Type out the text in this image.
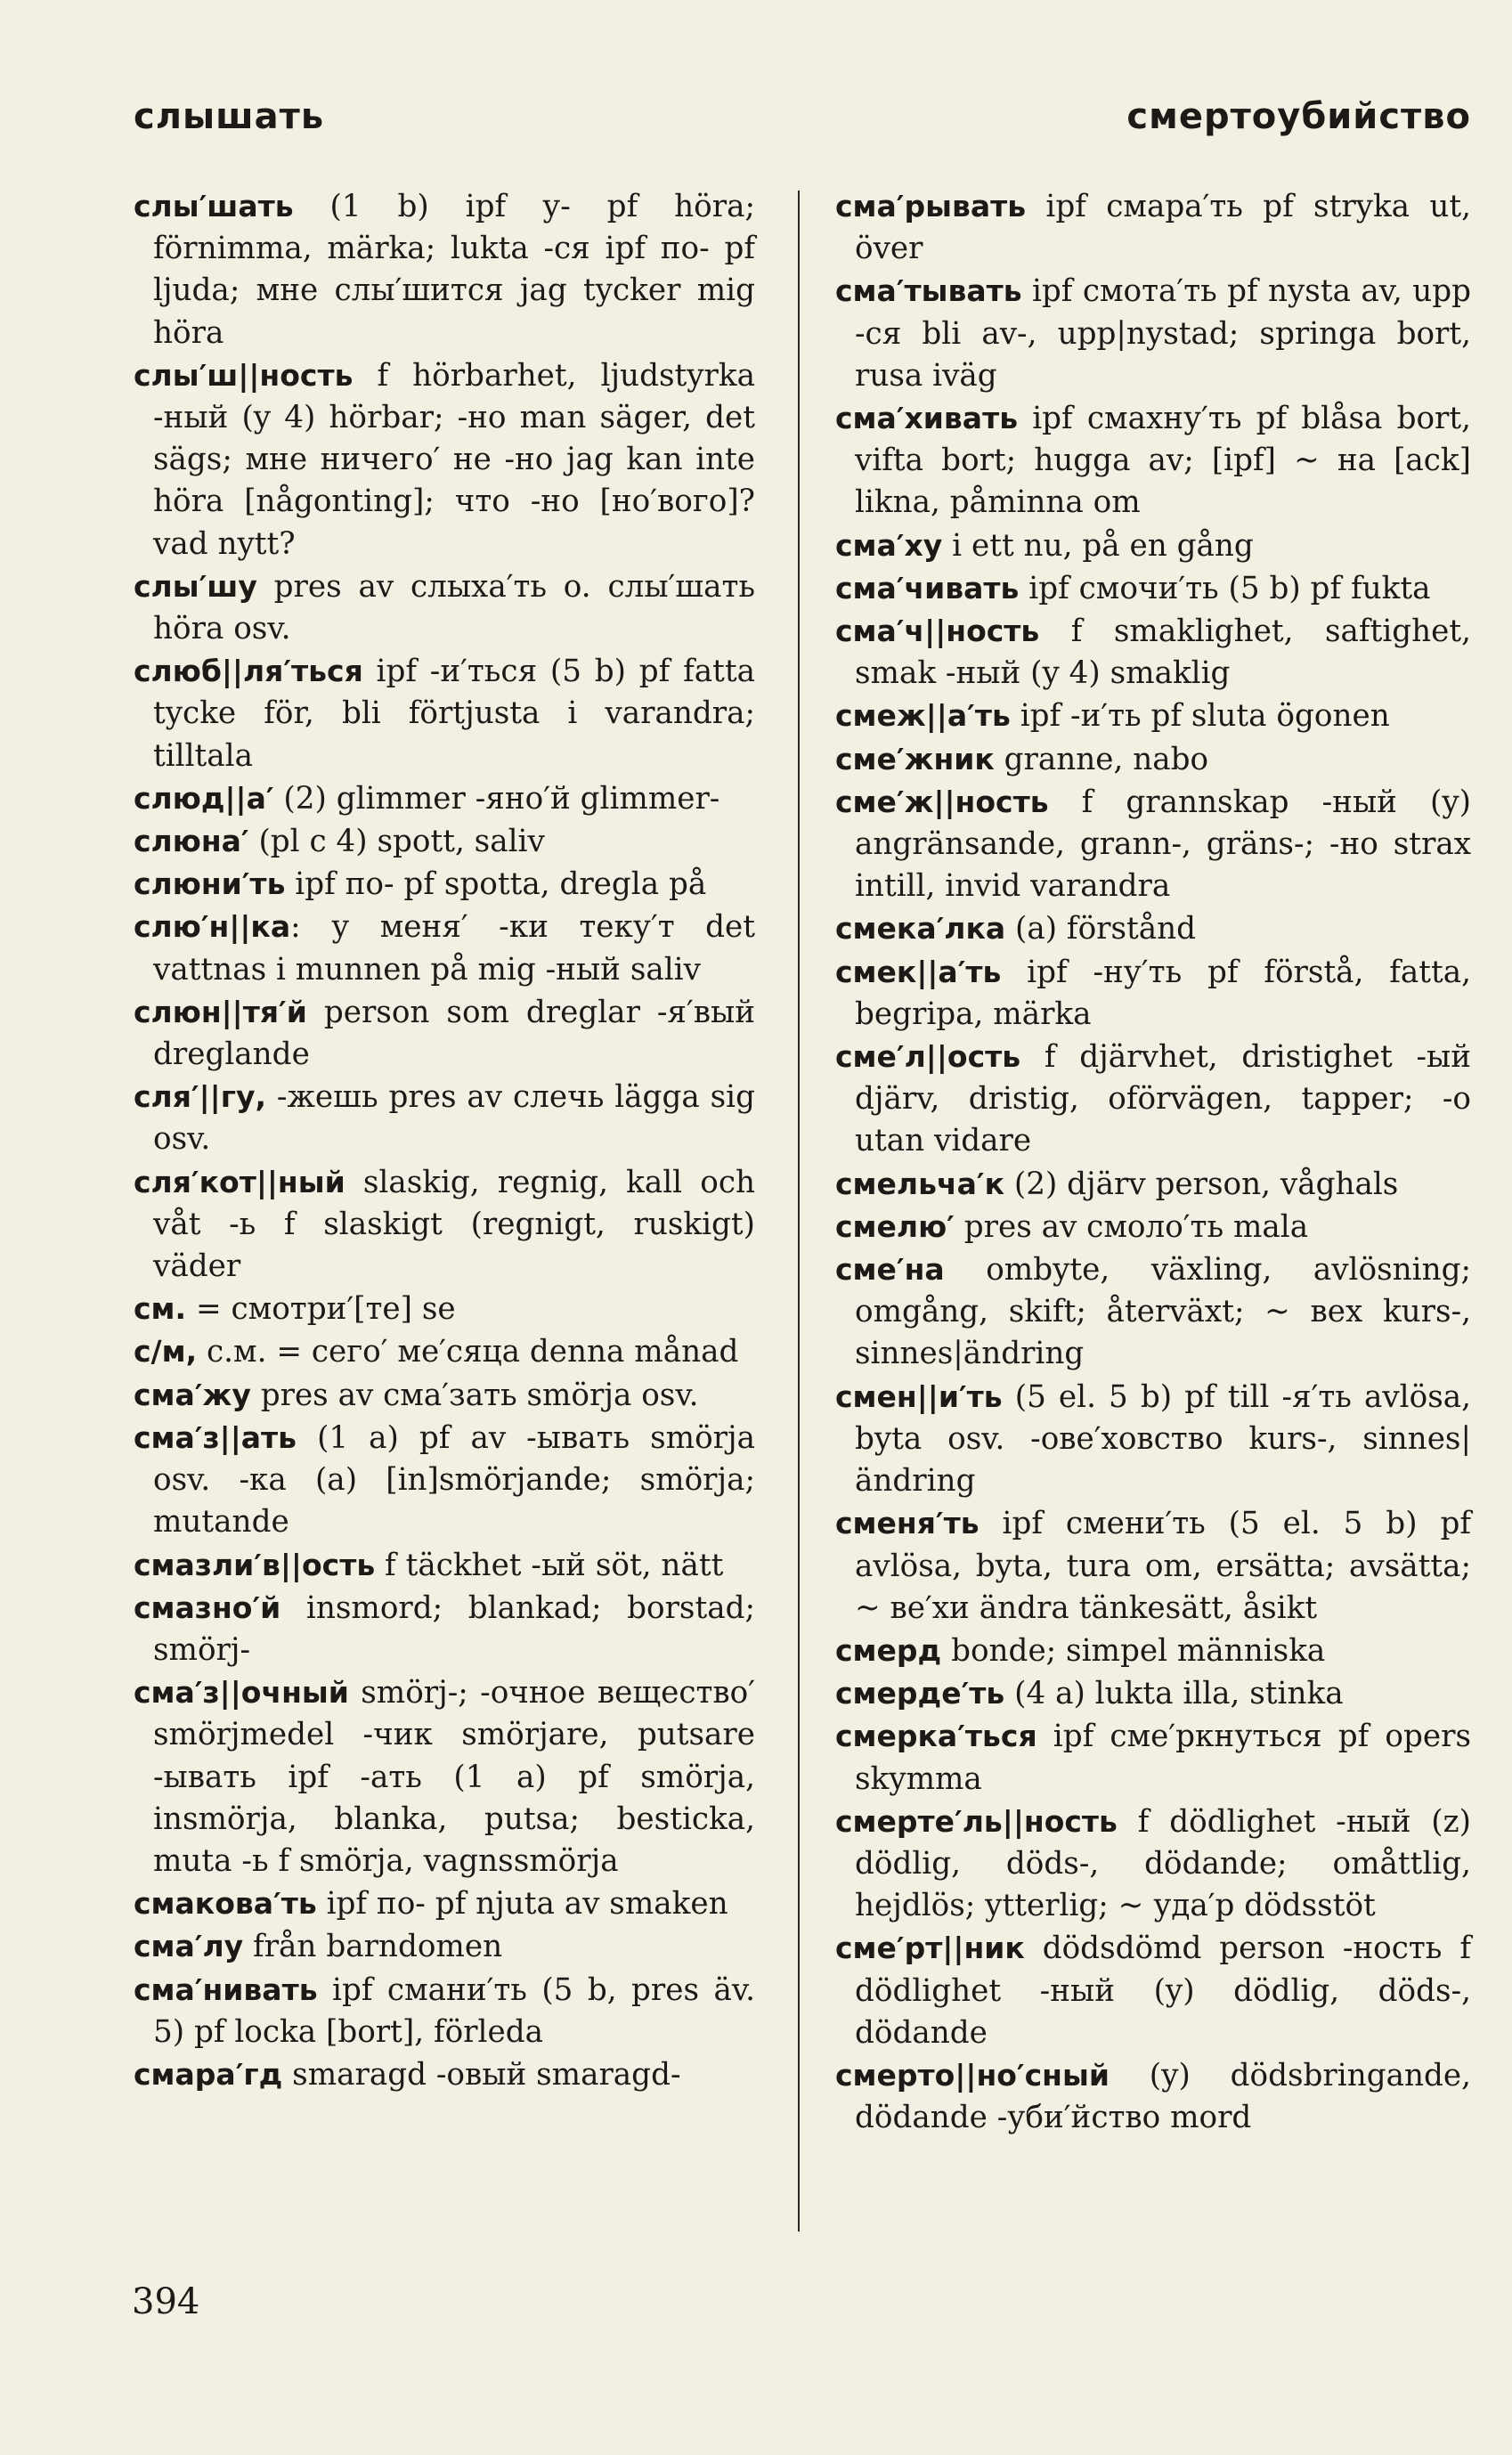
слышать	смертоубийство

слы′шать (1 b) ipf у- pf höra; förnimma, märka; lukta -ся ipf по- pf ljuda; мне слы′шится jag tycker mig höra

слы′ш||ность f hörbarhet, ljudstyrka -ный (y 4) hörbar; -но man säger, det sägs; мне ничего′ не -но jag kan inte höra [någonting]; что -но [но′вого]? vad nytt?

слы′шу pres av слыха′ть o. слы′шать höra osv.

слюб||ля′ться ipf -и′ться (5 b) pf fatta tycke för, bli förtjusta i varandra; tilltala

слюд||а′ (2) glimmer -яно′й glimmer-

слюна′ (pl c 4) spott, saliv

слюни′ть ipf по- pf spotta, dregla på

слю′н||ка: у меня′ -ки теку′т det vattnas i munnen på mig -ный saliv

слюн||тя′й person som dreglar -я′вый dreglande

сля′||гу, -жешь pres av слечь lägga sig osv.

сля′кот||ный slaskig, regnig, kall och våt -ь f slaskigt (regnigt, ruskigt) väder

см. = смотри′[те] se

с/м, с.м. = сего′ ме′сяца denna månad

сма′жу pres av сма′зать smörja osv.

сма′з||ать (1 a) pf av -ывать smörja osv. -ка (a) [in]smörjande; smörja; mutande

смазли′в||ость f täckhet -ый söt, nätt

смазно′й insmord; blankad; borstad; smörj-

сма′з||очный smörj-; -очное вещество′ smörjmedel -чик smörjare, putsare -ывать ipf -ать (1 a) pf smörja, insmörja, blanka, putsa; besticka, muta -ь f smörja, vagnssmörja

смакова′ть ipf по- pf njuta av smaken

сма′лу från barndomen

сма′нивать ipf смани′ть (5 b, pres äv. 5) pf locka [bort], förleda

смара′гд smaragd -овый smaragd-

сма′рывать ipf смара′ть pf stryka ut, över

сма′тывать ipf смота′ть pf nysta av, upp -ся bli av-, upp|nystad; springa bort, rusa iväg

сма′хивать ipf смахну′ть pf blåsa bort, vifta bort; hugga av; [ipf] ~ на [ack] likna, påminna om

сма′ху i ett nu, på en gång

сма′чивать ipf смочи′ть (5 b) pf fukta

сма′ч||ность f smaklighet, saftighet, smak -ный (y 4) smaklig

смеж||а′ть ipf -и′ть pf sluta ögonen

сме′жник granne, nabo

сме′ж||ность f grannskap -ный (y) angränsande, grann-, gräns-; -но strax intill, invid varandra

смека′лка (a) förstånd

смек||а′ть ipf -ну′ть pf förstå, fatta, begripa, märka

сме′л||ость f djärvhet, dristighet -ый djärv, dristig, oförvägen, tapper; -о utan vidare

смельча′к (2) djärv person, våghals

смелю′ pres av смоло′ть mala

сме′на ombyte, växling, avlösning; omgång, skift; återväxt; ~ вех kurs-, sinnes|ändring

смен||и′ть (5 el. 5 b) pf till -я′ть avlösa, byta osv. -ове′ховство kurs-, sinnes|ändring

сменя′ть ipf смени′ть (5 el. 5 b) pf avlösa, byta, tura om, ersätta; avsätta; ~ ве′хи ändra tänkesätt, åsikt

смерд bonde; simpel människa

смерде′ть (4 a) lukta illa, stinka

смерка′ться ipf сме′ркнуться pf opers skymma

смерте′ль||ность f dödlighet -ный (z) dödlig, döds-, dödande; omåttlig, hejdlös; ytterlig; ~ уда′р dödsstöt

сме′рт||ник dödsdömd person -ность f dödlighet -ный (y) dödlig, döds-, dödande

смерто||но′сный (y) dödsbringande, dödande -уби′йство mord

394
